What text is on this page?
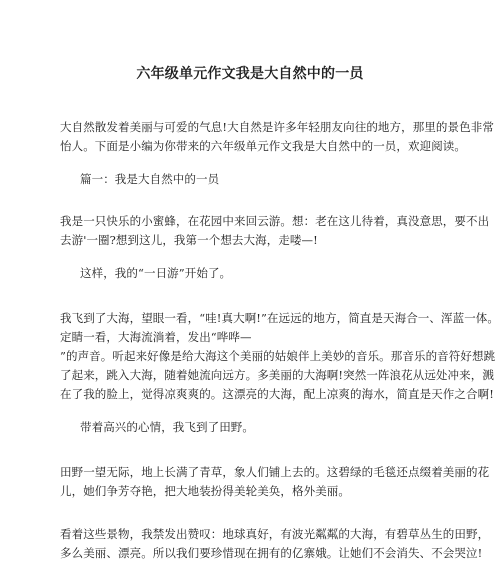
六年级单元作文我是大自然中的一员
大自然散发着美丽与可爱的气息!大自然是许多年轻朋友向往的地方，那里的景色非常
怡人。下面是小编为你带来的六年级单元作文我是大自然中的一员，欢迎阅读。
篇一：我是大自然中的一员
我是一只快乐的小蜜蜂，在花园中来回云游。想：老在这儿待着，真没意思，要不出
去游'一圈?想到这儿，我第一个想去大海，走喽—!
这样，我的“一日游”开始了。
我飞到了大海，望眼一看，“哇!真大啊!”在远远的地方，简直是天海合一、浑蓝一体。
定睛一看，大海流淌着，发出“哗哗—
”的声音。听起来好像是给大海这个美丽的姑娘伴上美妙的音乐。那音乐的音符好想跳
了起来，跳入大海，随着她流向远方。多美丽的大海啊!突然一阵浪花从远处冲来，溅
在了我的脸上，觉得凉爽爽的。这漂亮的大海，配上凉爽的海水，简直是天作之合啊!
带着高兴的心情，我飞到了田野。
田野一望无际，地上长满了青草，象人们铺上去的。这碧绿的毛毯还点缀着美丽的花
儿，她们争芳夺艳，把大地装扮得美轮美奂，格外美丽。
看着这些景物，我禁发出赞叹：地球真好，有波光粼粼的大海，有碧草丛生的田野，
多么美丽、漂亮。所以我们要珍惜现在拥有的亿寨娥。让她们不会消失、不会哭泣!
